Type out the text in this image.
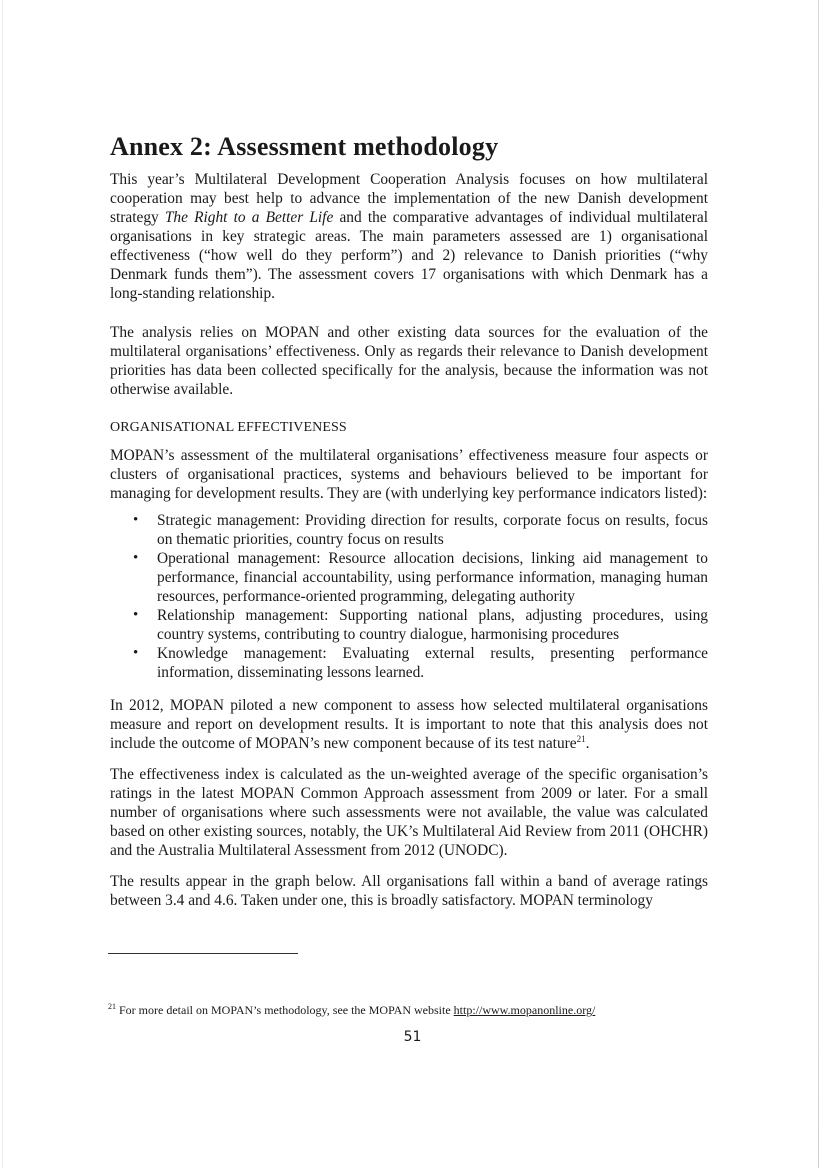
Annex 2: Assessment methodology

This year’s Multilateral Development Cooperation Analysis focuses on how multilateral cooperation may best help to advance the implementation of the new Danish development strategy The Right to a Better Life and the comparative advantages of individual multilateral organisations in key strategic areas. The main parameters assessed are 1) organisational effectiveness (“how well do they perform”) and 2) relevance to Danish priorities (“why Denmark funds them”). The assessment covers 17 organisations with which Denmark has a long-standing relationship.

The analysis relies on MOPAN and other existing data sources for the evaluation of the multilateral organisations’ effectiveness. Only as regards their relevance to Danish development priorities has data been collected specifically for the analysis, because the information was not otherwise available.

ORGANISATIONAL EFFECTIVENESS

MOPAN’s assessment of the multilateral organisations’ effectiveness measure four aspects or clusters of organisational practices, systems and behaviours believed to be important for managing for development results. They are (with underlying key performance indicators listed):

• Strategic management: Providing direction for results, corporate focus on results, focus on thematic priorities, country focus on results
• Operational management: Resource allocation decisions, linking aid management to performance, financial accountability, using performance information, managing human resources, performance-oriented programming, delegating authority
• Relationship management: Supporting national plans, adjusting procedures, using country systems, contributing to country dialogue, harmonising procedures
• Knowledge management: Evaluating external results, presenting performance information, disseminating lessons learned.

In 2012, MOPAN piloted a new component to assess how selected multilateral organisations measure and report on development results. It is important to note that this analysis does not include the outcome of MOPAN’s new component because of its test nature$^{21}$.

The effectiveness index is calculated as the un-weighted average of the specific organisation’s ratings in the latest MOPAN Common Approach assessment from 2009 or later. For a small number of organisations where such assessments were not available, the value was calculated based on other existing sources, notably, the UK’s Multilateral Aid Review from 2011 (OHCHR) and the Australia Multilateral Assessment from 2012 (UNODC).

The results appear in the graph below. All organisations fall within a band of average ratings between 3.4 and 4.6. Taken under one, this is broadly satisfactory. MOPAN terminology

$^{21}$ For more detail on MOPAN’s methodology, see the MOPAN website http://www.mopanonline.org/
51
